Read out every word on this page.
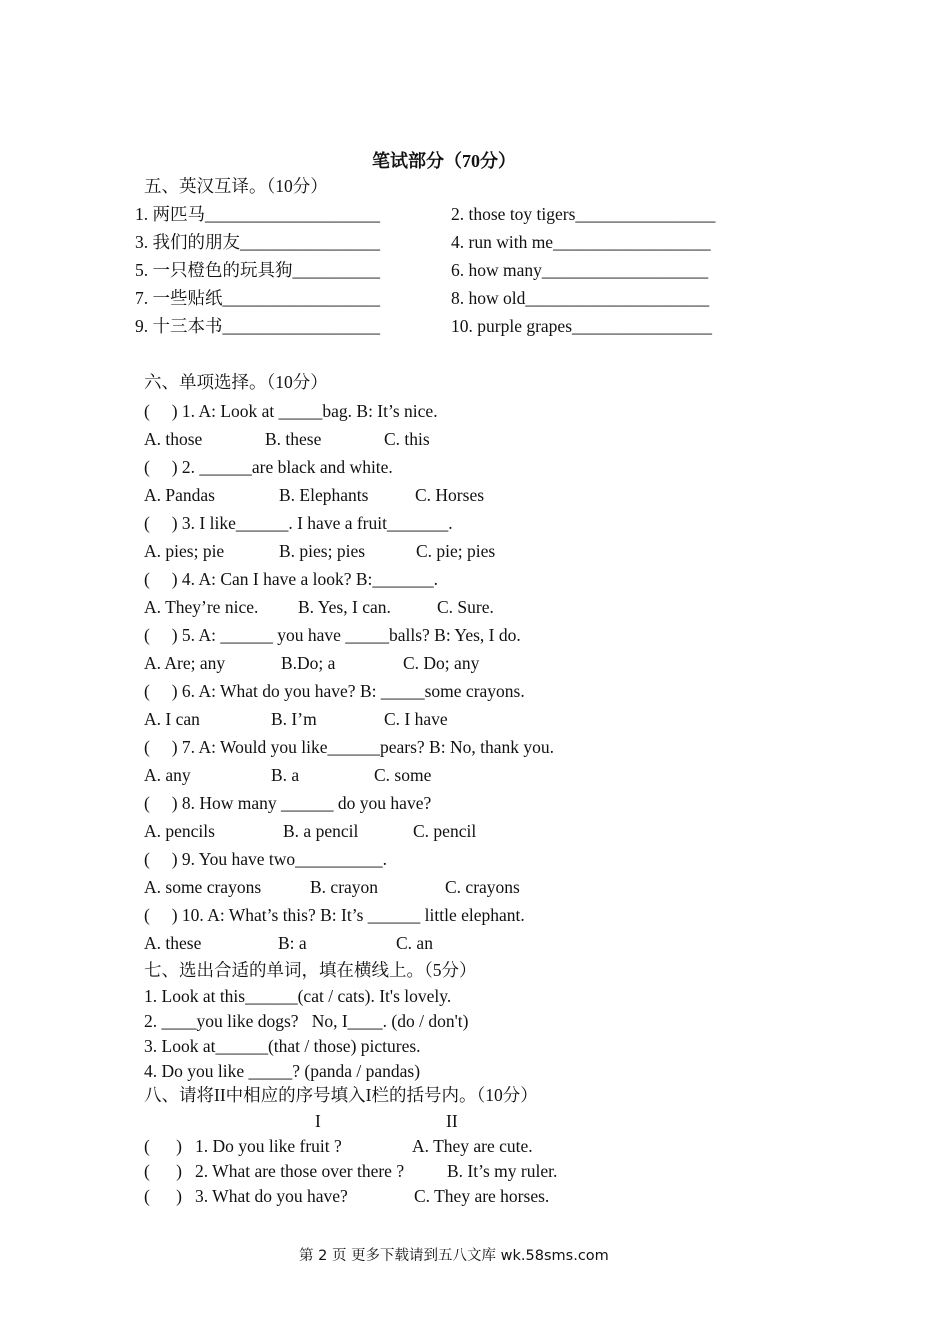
笔试部分（70分）
五、英汉互译。（10分）
1. 两匹马____________________	2. those toy tigers________________
3. 我们的朋友________________	4. run with me__________________
5. 一只橙色的玩具狗__________	6. how many___________________
7. 一些贴纸__________________	8. how old_____________________
9. 十三本书__________________	10. purple grapes________________
六、单项选择。（10分）
(     ) 1. A: Look at _____bag. B: It’s nice.
A. those	B. these	C. this
(     ) 2. ______are black and white.
A. Pandas	B. Elephants	C. Horses
(     ) 3. I like______. I have a fruit_______.
A. pies; pie	B. pies; pies	C. pie; pies
(     ) 4. A: Can I have a look? B:_______.
A. They’re nice. B. Yes, I can.	C. Sure.
(     ) 5. A: ______ you have _____balls? B: Yes, I do.
A. Are; any	B.Do; a	C. Do; any
(     ) 6. A: What do you have? B: _____some crayons.
A. I can	B. I’m	C. I have
(     ) 7. A: Would you like______pears? B: No, thank you.
A. any	B. a	C. some
(     ) 8. How many ______ do you have?
A. pencils	B. a pencil	C. pencil
(     ) 9. You have two__________.
A. some crayons	B. crayon	C. crayons
(     ) 10. A: What’s this? B: It’s ______ little elephant.
A. these	B: a	C. an
七、选出合适的单词，填在横线上。（5分）
1. Look at this______(cat / cats). It's lovely.
2. ____you like dogs?   No, I____. (do / don't)
3. Look at______(that / those) pictures.
4. Do you like _____? (panda / pandas)
八、请将II中相应的序号填入I栏的括号内。（10分）
I	II
(      ) 1. Do you like fruit ?	A. They are cute.
(      ) 2. What are those over there ? B. It’s my ruler.
(      ) 3. What do you have?	C. They are horses.
第 2 页 更多下载请到五八文库 wk.58sms.com
